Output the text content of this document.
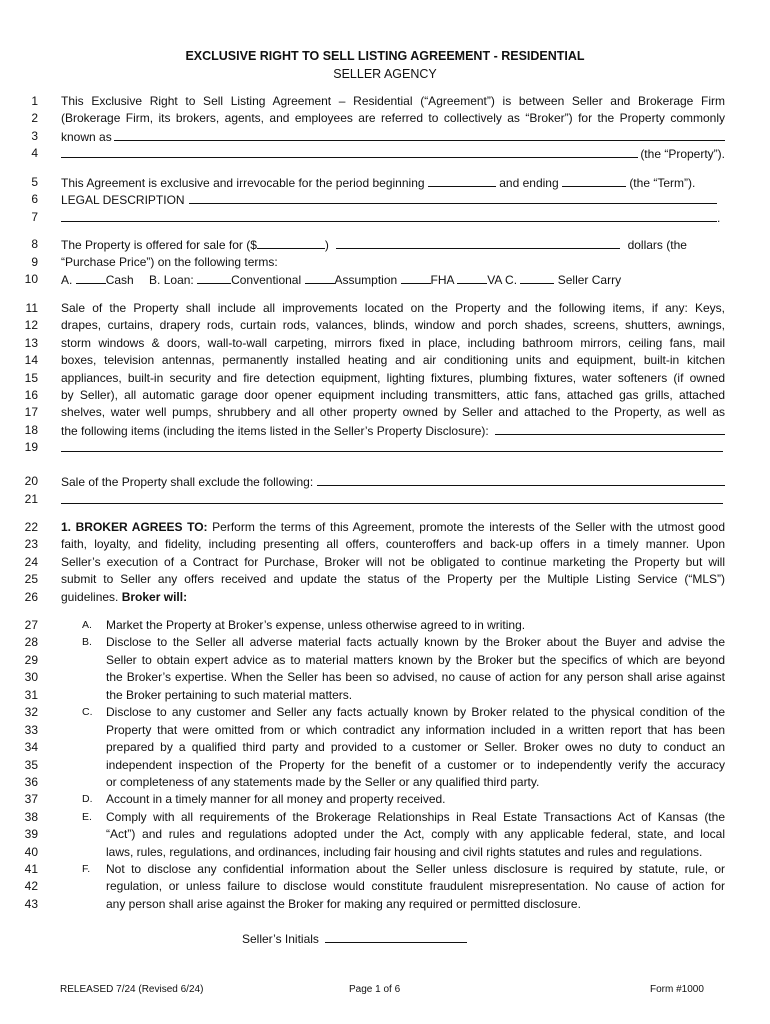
EXCLUSIVE RIGHT TO SELL LISTING AGREEMENT - RESIDENTIAL
SELLER AGENCY
1
2
3
4
5
6
7
8
9
10
11
12
13
14
15
16
17
18
19
20
21
22
23
24
25
26
27
28
29
30
31
32
33
34
35
36
37
38
39
40
41
42
43
This Exclusive Right to Sell Listing Agreement – Residential (“Agreement”) is between Seller and Brokerage Firm
(Brokerage Firm, its brokers, agents, and employees are referred to collectively as “Broker”) for the Property commonly
known as
(the “Property”).
This Agreement is exclusive and irrevocable for the period beginning	and ending	(the “Term”).
LEGAL DESCRIPTION
.
The Property is offered for sale for ($	)	dollars (the
“Purchase Price”) on the following terms:
A.	Cash B. Loan:	Conventional	Assumption	FHA	VA C.	Seller Carry
Sale of the Property shall include all improvements located on the Property and the following items, if any: Keys,
drapes, curtains, drapery rods, curtain rods, valances, blinds, window and porch shades, screens, shutters, awnings,
storm windows & doors, wall-to-wall carpeting, mirrors fixed in place, including bathroom mirrors, ceiling fans, mail
boxes, television antennas, permanently installed heating and air conditioning units and equipment, built-in kitchen
appliances, built-in security and fire detection equipment, lighting fixtures, plumbing fixtures, water softeners (if owned
by Seller), all automatic garage door opener equipment including transmitters, attic fans, attached gas grills, attached
shelves, water well pumps, shrubbery and all other property owned by Seller and attached to the Property, as well as
the following items (including the items listed in the Seller’s Property Disclosure):
Sale of the Property shall exclude the following:
1. BROKER AGREES TO: Perform the terms of this Agreement, promote the interests of the Seller with the utmost good
faith, loyalty, and fidelity, including presenting all offers, counteroffers and back-up offers in a timely manner. Upon
Seller’s execution of a Contract for Purchase, Broker will not be obligated to continue marketing the Property but will
submit to Seller any offers received and update the status of the Property per the Multiple Listing Service (“MLS”)
guidelines. Broker will:
A.	Market the Property at Broker’s expense, unless otherwise agreed to in writing.
B.	Disclose to the Seller all adverse material facts actually known by the Broker about the Buyer and advise the
Seller to obtain expert advice as to material matters known by the Broker but the specifics of which are beyond
the Broker’s expertise. When the Seller has been so advised, no cause of action for any person shall arise against
the Broker pertaining to such material matters.
C. Disclose to any customer and Seller any facts actually known by Broker related to the physical condition of the
Property that were omitted from or which contradict any information included in a written report that has been
prepared by a qualified third party and provided to a customer or Seller. Broker owes no duty to conduct an
independent inspection of the Property for the benefit of a customer or to independently verify the accuracy
or completeness of any statements made by the Seller or any qualified third party.
D. Account in a timely manner for all money and property received.
E.	Comply with all requirements of the Brokerage Relationships in Real Estate Transactions Act of Kansas (the
“Act”) and rules and regulations adopted under the Act, comply with any applicable federal, state, and local
laws, rules, regulations, and ordinances, including fair housing and civil rights statutes and rules and regulations.
F.	Not to disclose any confidential information about the Seller unless disclosure is required by statute, rule, or
regulation, or unless failure to disclose would constitute fraudulent misrepresentation. No cause of action for
any person shall arise against the Broker for making any required or permitted disclosure.
Seller’s Initials
RELEASED 7/24 (Revised 6/24)	Page 1 of 6	Form #1000
